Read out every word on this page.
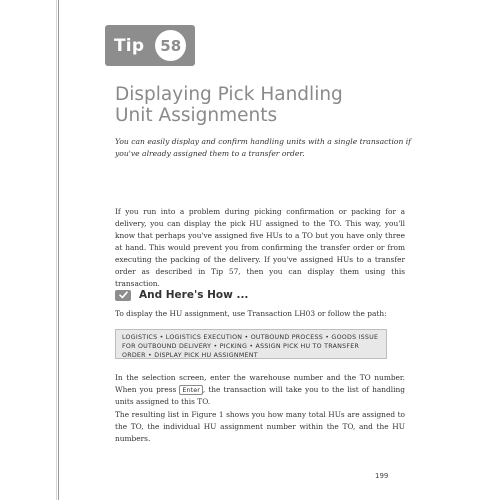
Tip	58
Displaying Pick Handling
Unit Assignments

You can easily display and confirm handling units with a single transaction if you've already assigned them to a transfer order.

If you run into a problem during picking confirmation or packing for a delivery, you can display the pick HU assigned to the TO. This way, you'll know that perhaps you've assigned five HUs to a TO but you have only three at hand. This would prevent you from confirming the transfer order or from executing the packing of the delivery. If you've assigned HUs to a transfer order as described in Tip 57, then you can display them using this transaction.

And Here's How ...

To display the HU assignment, use Transaction LH03 or follow the path:

LOGISTICS • LOGISTICS EXECUTION • OUTBOUND PROCESS • GOODS ISSUE FOR OUTBOUND DELIVERY • PICKING • ASSIGN PICK HU TO TRANSFER ORDER • DISPLAY PICK HU ASSIGNMENT

In the selection screen, enter the warehouse number and the TO number. When you press Enter , the transaction will take you to the list of handling units assigned to this TO.

The resulting list in Figure 1 shows you how many total HUs are assigned to the TO, the individual HU assignment number within the TO, and the HU numbers.

199
